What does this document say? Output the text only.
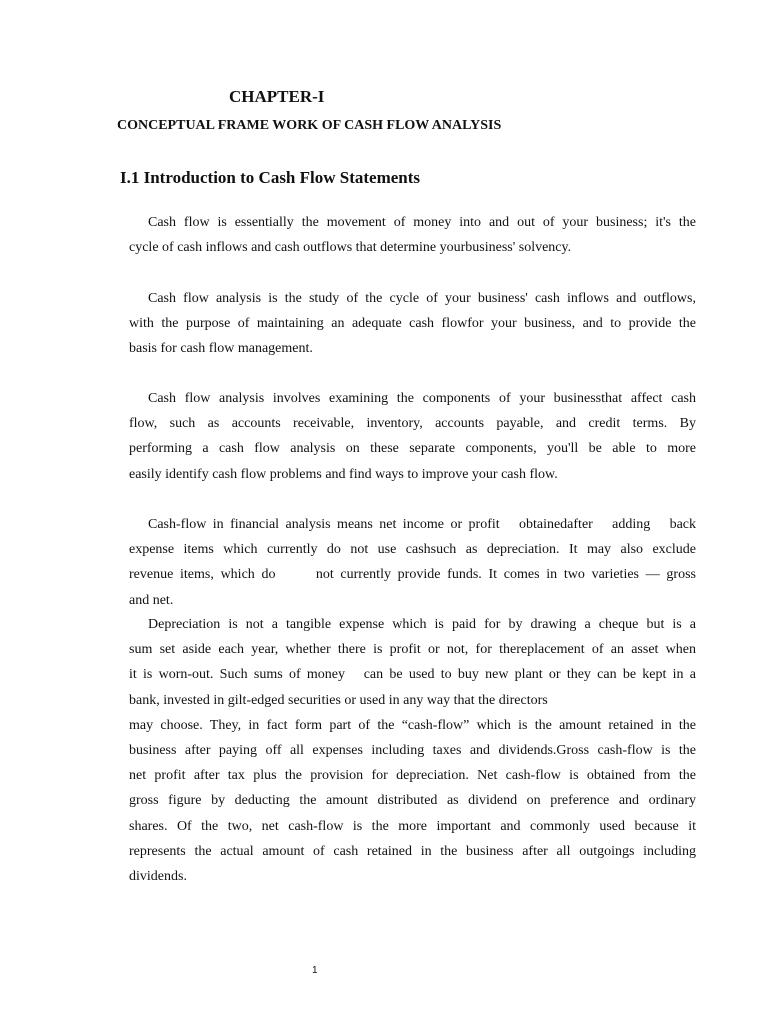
CHAPTER-I
CONCEPTUAL FRAME WORK OF CASH FLOW ANALYSIS
I.1 Introduction to Cash Flow Statements
Cash flow is essentially the movement of money into and out of your business; it's the
cycle of cash inflows and cash outflows that determine yourbusiness' solvency.
Cash flow analysis is the study of the cycle of your business' cash inflows and outflows,
with the purpose of maintaining an adequate cash flowfor your business, and to provide the
basis for cash flow management.
Cash flow analysis involves examining the components of your businessthat affect cash
flow, such as accounts receivable, inventory, accounts payable, and credit terms. By
performing a cash flow analysis on these separate components, you'll be able to more
easily identify cash flow problems and find ways to improve your cash flow.
Cash-flow in financial analysis means net income or profit   obtainedafter   adding   back
expense items which currently do not use cashsuch as depreciation. It may also exclude
revenue items, which do      not currently provide funds. It comes in two varieties — gross
and net.
Depreciation is not a tangible expense which is paid for by drawing a cheque but is a
sum set aside each year, whether there is profit or not, for thereplacement of an asset when
it is worn-out. Such sums of money   can be used to buy new plant or they can be kept in a
bank, invested in gilt-edged securities or used in any way that the directors
may choose. They, in fact form part of the “cash-flow” which is the amount retained in the
business after paying off all expenses including taxes and dividends.Gross cash-flow is the
net profit after tax plus the provision for depreciation. Net cash-flow is obtained from the
gross figure by deducting the amount distributed as dividend on preference and ordinary
shares. Of the two, net cash-flow is the more important and commonly used because it
represents the actual amount of cash retained in the business after all outgoings including
dividends.

1
